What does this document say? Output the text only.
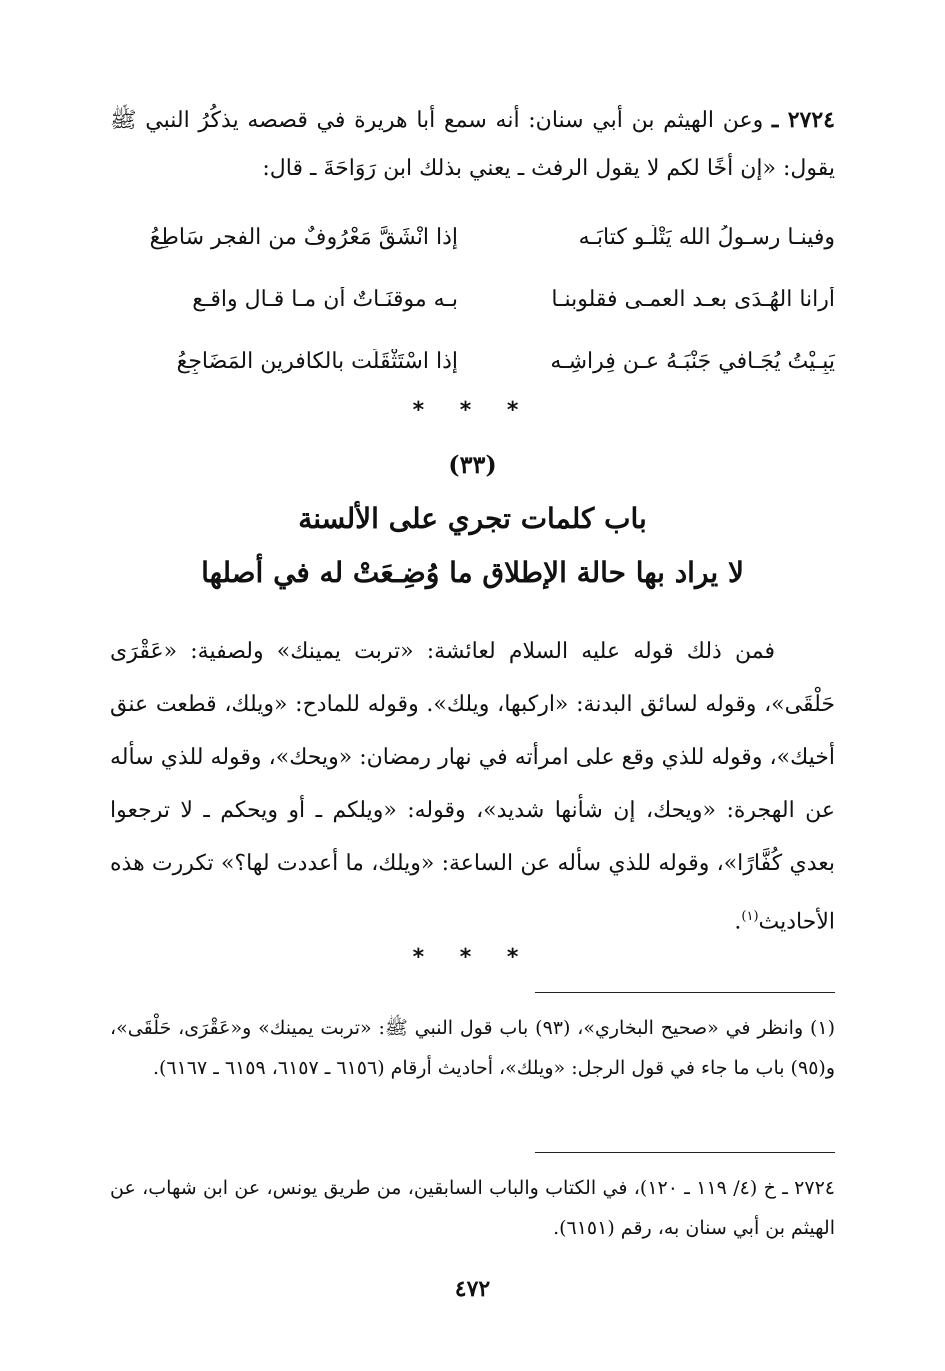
٢٧٢٤ ـ وعن الهيثم بن أبي سنان: أنه سمع أبا هريرة في قصصه يذكُرُ النبي ﷺ يقول: «إن أخًا لكم لا يقول الرفث ـ يعني بذلك ابن رَوَاحَةَ ـ قال:
وفينـا رسـولُ الله يَتْلُـو كتابَـه
إذا انْشَقَّ مَعْرُوفٌ من الفجر سَاطِعُ
أرانا الهُـدَى بعـد العمـى فقلوبنـا
بـه موقنَـاتٌ أن مـا قـال واقـع
يَبِـيْتُ يُجَـافي جَنْبَـهُ عـن فِراشِـه
إذا اسْتَثْقَلَت بالكافرين المَضَاجِعُ
* * *
(٣٣)
باب كلمات تجري على الألسنة
لا يراد بها حالة الإطلاق ما وُضِـعَتْ له في أصلها
فمن ذلك قوله عليه السلام لعائشة: «تربت يمينك» ولصفية: «عَقْرَى حَلْقَى»، وقوله لسائق البدنة: «اركبها، ويلك». وقوله للمادح: «ويلك، قطعت عنق أخيك»، وقوله للذي وقع على امرأته في نهار رمضان: «ويحك»، وقوله للذي سأله عن الهجرة: «ويحك، إن شأنها شديد»، وقوله: «ويلكم ـ أو ويحكم ـ لا ترجعوا بعدي كُفَّارًا»، وقوله للذي سأله عن الساعة: «ويلك، ما أعددت لها؟» تكررت هذه الأحاديث$^{(١)}$.
* * *
(١) وانظر في «صحيح البخاري»، (٩٣) باب قول النبي ﷺ: «تربت يمينك» و«عَقْرَى، حَلْقَى»، و(٩٥) باب ما جاء في قول الرجل: «ويلك»، أحاديث أرقام (٦١٥٦ ـ ٦١٥٧، ٦١٥٩ ـ ٦١٦٧).
٢٧٢٤ ـ خ (٤/ ١١٩ ـ ١٢٠)، في الكتاب والباب السابقين، من طريق يونس، عن ابن شهاب، عن الهيثم بن أبي سنان به، رقم (٦١٥١).
٤٧٢
